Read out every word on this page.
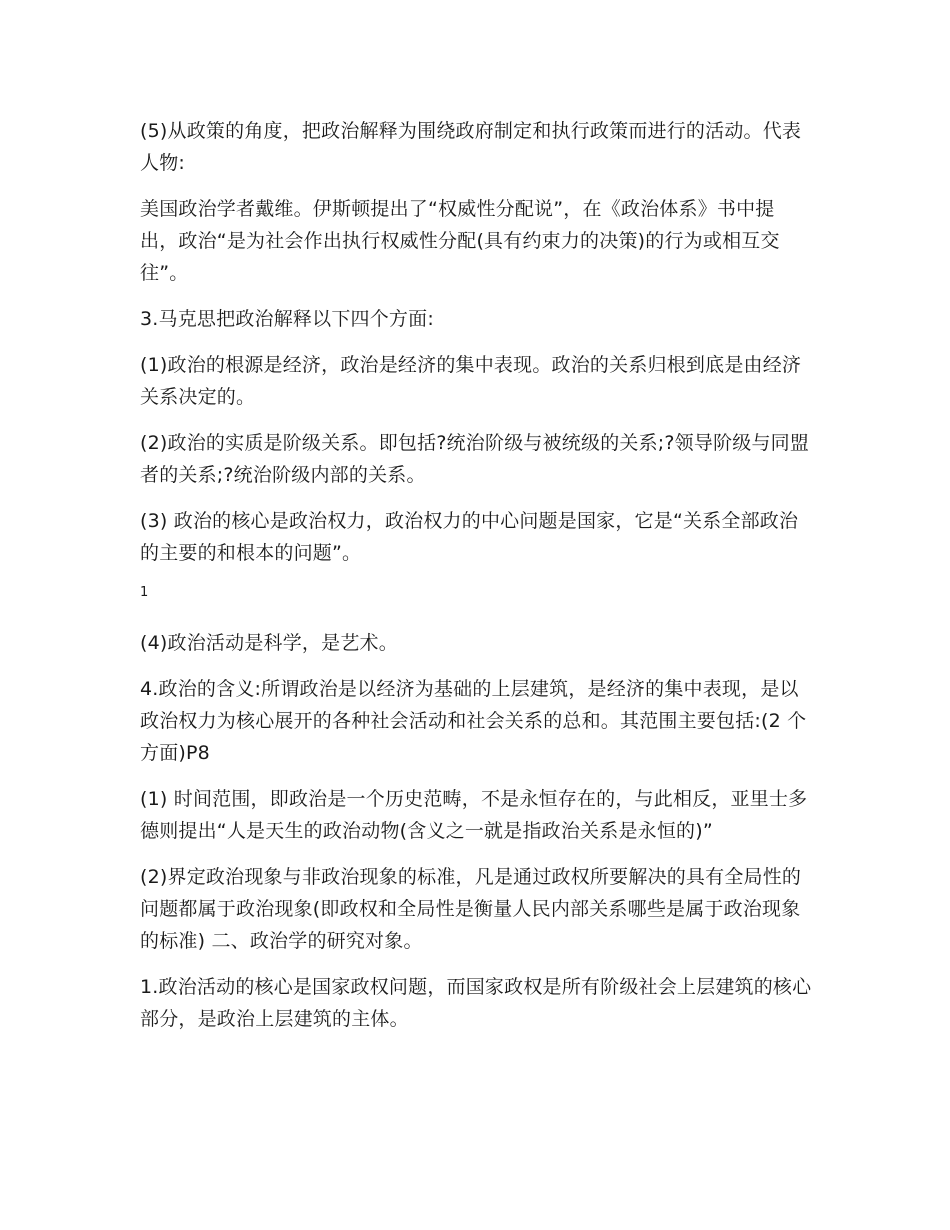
(5)从政策的角度，把政治解释为围绕政府制定和执行政策而进行的活动。代表人物:

美国政治学者戴维。伊斯顿提出了“权威性分配说”，在《政治体系》书中提出，政治“是为社会作出执行权威性分配(具有约束力的决策)的行为或相互交往”。

3.马克思把政治解释以下四个方面:

(1)政治的根源是经济，政治是经济的集中表现。政治的关系归根到底是由经济关系决定的。

(2)政治的实质是阶级关系。即包括?统治阶级与被统级的关系;?领导阶级与同盟者的关系;?统治阶级内部的关系。

(3) 政治的核心是政治权力，政治权力的中心问题是国家，它是“关系全部政治的主要的和根本的问题”。

1

(4)政治活动是科学，是艺术。

4.政治的含义:所谓政治是以经济为基础的上层建筑，是经济的集中表现，是以政治权力为核心展开的各种社会活动和社会关系的总和。其范围主要包括:(2 个方面)P8

(1) 时间范围，即政治是一个历史范畴，不是永恒存在的，与此相反，亚里士多德则提出“人是天生的政治动物(含义之一就是指政治关系是永恒的)”

(2)界定政治现象与非政治现象的标准，凡是通过政权所要解决的具有全局性的问题都属于政治现象(即政权和全局性是衡量人民内部关系哪些是属于政治现象的标准) 二、政治学的研究对象。

1.政治活动的核心是国家政权问题，而国家政权是所有阶级社会上层建筑的核心部分，是政治上层建筑的主体。
